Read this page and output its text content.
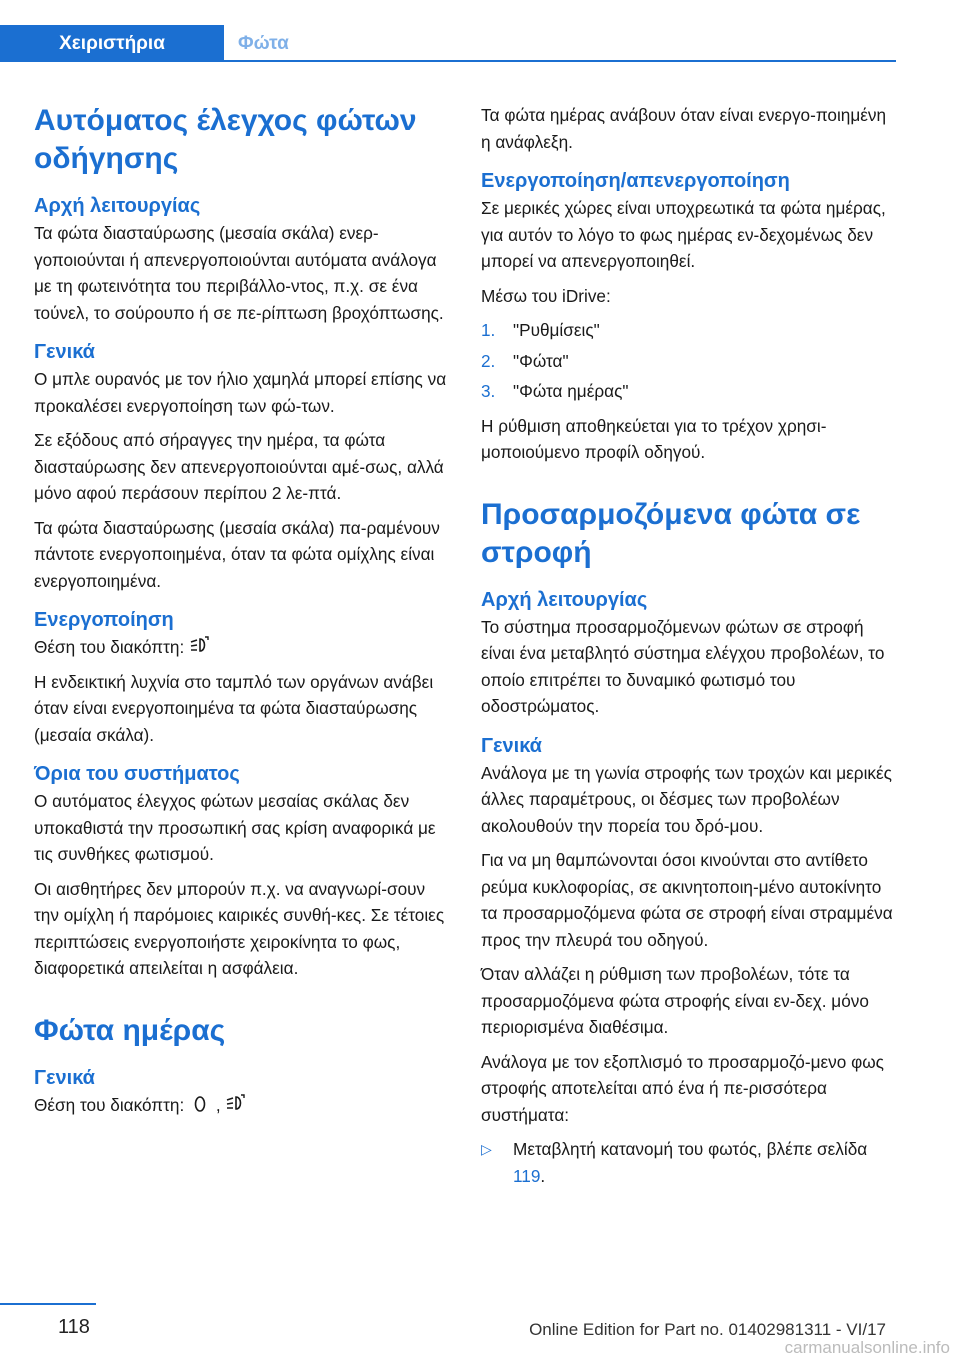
Χειριστήρια	Φώτα
Αυτόματος έλεγχος φώτων οδήγησης
Αρχή λειτουργίας

Τα φώτα διασταύρωσης (μεσαία σκάλα) ενερ-γοποιούνται ή απενεργοποιούνται αυτόματα ανάλογα με τη φωτεινότητα του περιβάλλο-ντος, π.χ. σε ένα τούνελ, το σούρουπο ή σε πε-ρίπτωση βροχόπτωσης.

Γενικά

Ο μπλε ουρανός με τον ήλιο χαμηλά μπορεί επίσης να προκαλέσει ενεργοποίηση των φώ-των.

Σε εξόδους από σήραγγες την ημέρα, τα φώτα διασταύρωσης δεν απενεργοποιούνται αμέ-σως, αλλά μόνο αφού περάσουν περίπου 2 λε-πτά.

Τα φώτα διασταύρωσης (μεσαία σκάλα) πα-ραμένουν πάντοτε ενεργοποιημένα, όταν τα φώτα ομίχλης είναι ενεργοποιημένα.

Ενεργοποίηση

Θέση του διακόπτη:

Η ενδεικτική λυχνία στο ταμπλό των οργάνων ανάβει όταν είναι ενεργοποιημένα τα φώτα διασταύρωσης (μεσαία σκάλα).

Όρια του συστήματος

Ο αυτόματος έλεγχος φώτων μεσαίας σκάλας δεν υποκαθιστά την προσωπική σας κρίση αναφορικά με τις συνθήκες φωτισμού.

Οι αισθητήρες δεν μπορούν π.χ. να αναγνωρί-σουν την ομίχλη ή παρόμοιες καιρικές συνθή-κες. Σε τέτοιες περιπτώσεις ενεργοποιήστε χειροκίνητα το φως, διαφορετικά απειλείται η ασφάλεια.

Φώτα ημέρας
Γενικά

Θέση του διακόπτη: ,

Τα φώτα ημέρας ανάβουν όταν είναι ενεργο-ποιημένη η ανάφλεξη.

Ενεργοποίηση/απενεργοποίηση

Σε μερικές χώρες είναι υποχρεωτικά τα φώτα ημέρας, για αυτόν το λόγο το φως ημέρας εν-δεχομένως δεν μπορεί να απενεργοποιηθεί.

Μέσω του iDrive:

1.	"Ρυθμίσεις"
2.	"Φώτα"
3.	"Φώτα ημέρας"

Η ρύθμιση αποθηκεύεται για το τρέχον χρησι-μοποιούμενο προφίλ οδηγού.

Προσαρμοζόμενα φώτα σε στροφή
Αρχή λειτουργίας

Το σύστημα προσαρμοζόμενων φώτων σε στροφή είναι ένα μεταβλητό σύστημα ελέγχου προβολέων, το οποίο επιτρέπει το δυναμικό φωτισμό του οδοστρώματος.

Γενικά

Ανάλογα με τη γωνία στροφής των τροχών και μερικές άλλες παραμέτρους, οι δέσμες των προβολέων ακολουθούν την πορεία του δρό-μου.

Για να μη θαμπώνονται όσοι κινούνται στο αντίθετο ρεύμα κυκλοφορίας, σε ακινητοποιη-μένο αυτοκίνητο τα προσαρμοζόμενα φώτα σε στροφή είναι στραμμένα προς την πλευρά του οδηγού.

Όταν αλλάζει η ρύθμιση των προβολέων, τότε τα προσαρμοζόμενα φώτα στροφής είναι εν-δεχ. μόνο περιορισμένα διαθέσιμα.

Ανάλογα με τον εξοπλισμό το προσαρμοζό-μενο φως στροφής αποτελείται από ένα ή πε-ρισσότερα συστήματα:

▷	Μεταβλητή κατανομή του φωτός, βλέπε σελίδα 119.
118	Online Edition for Part no. 01402981311 - VI/17
carmanualsonline.info
